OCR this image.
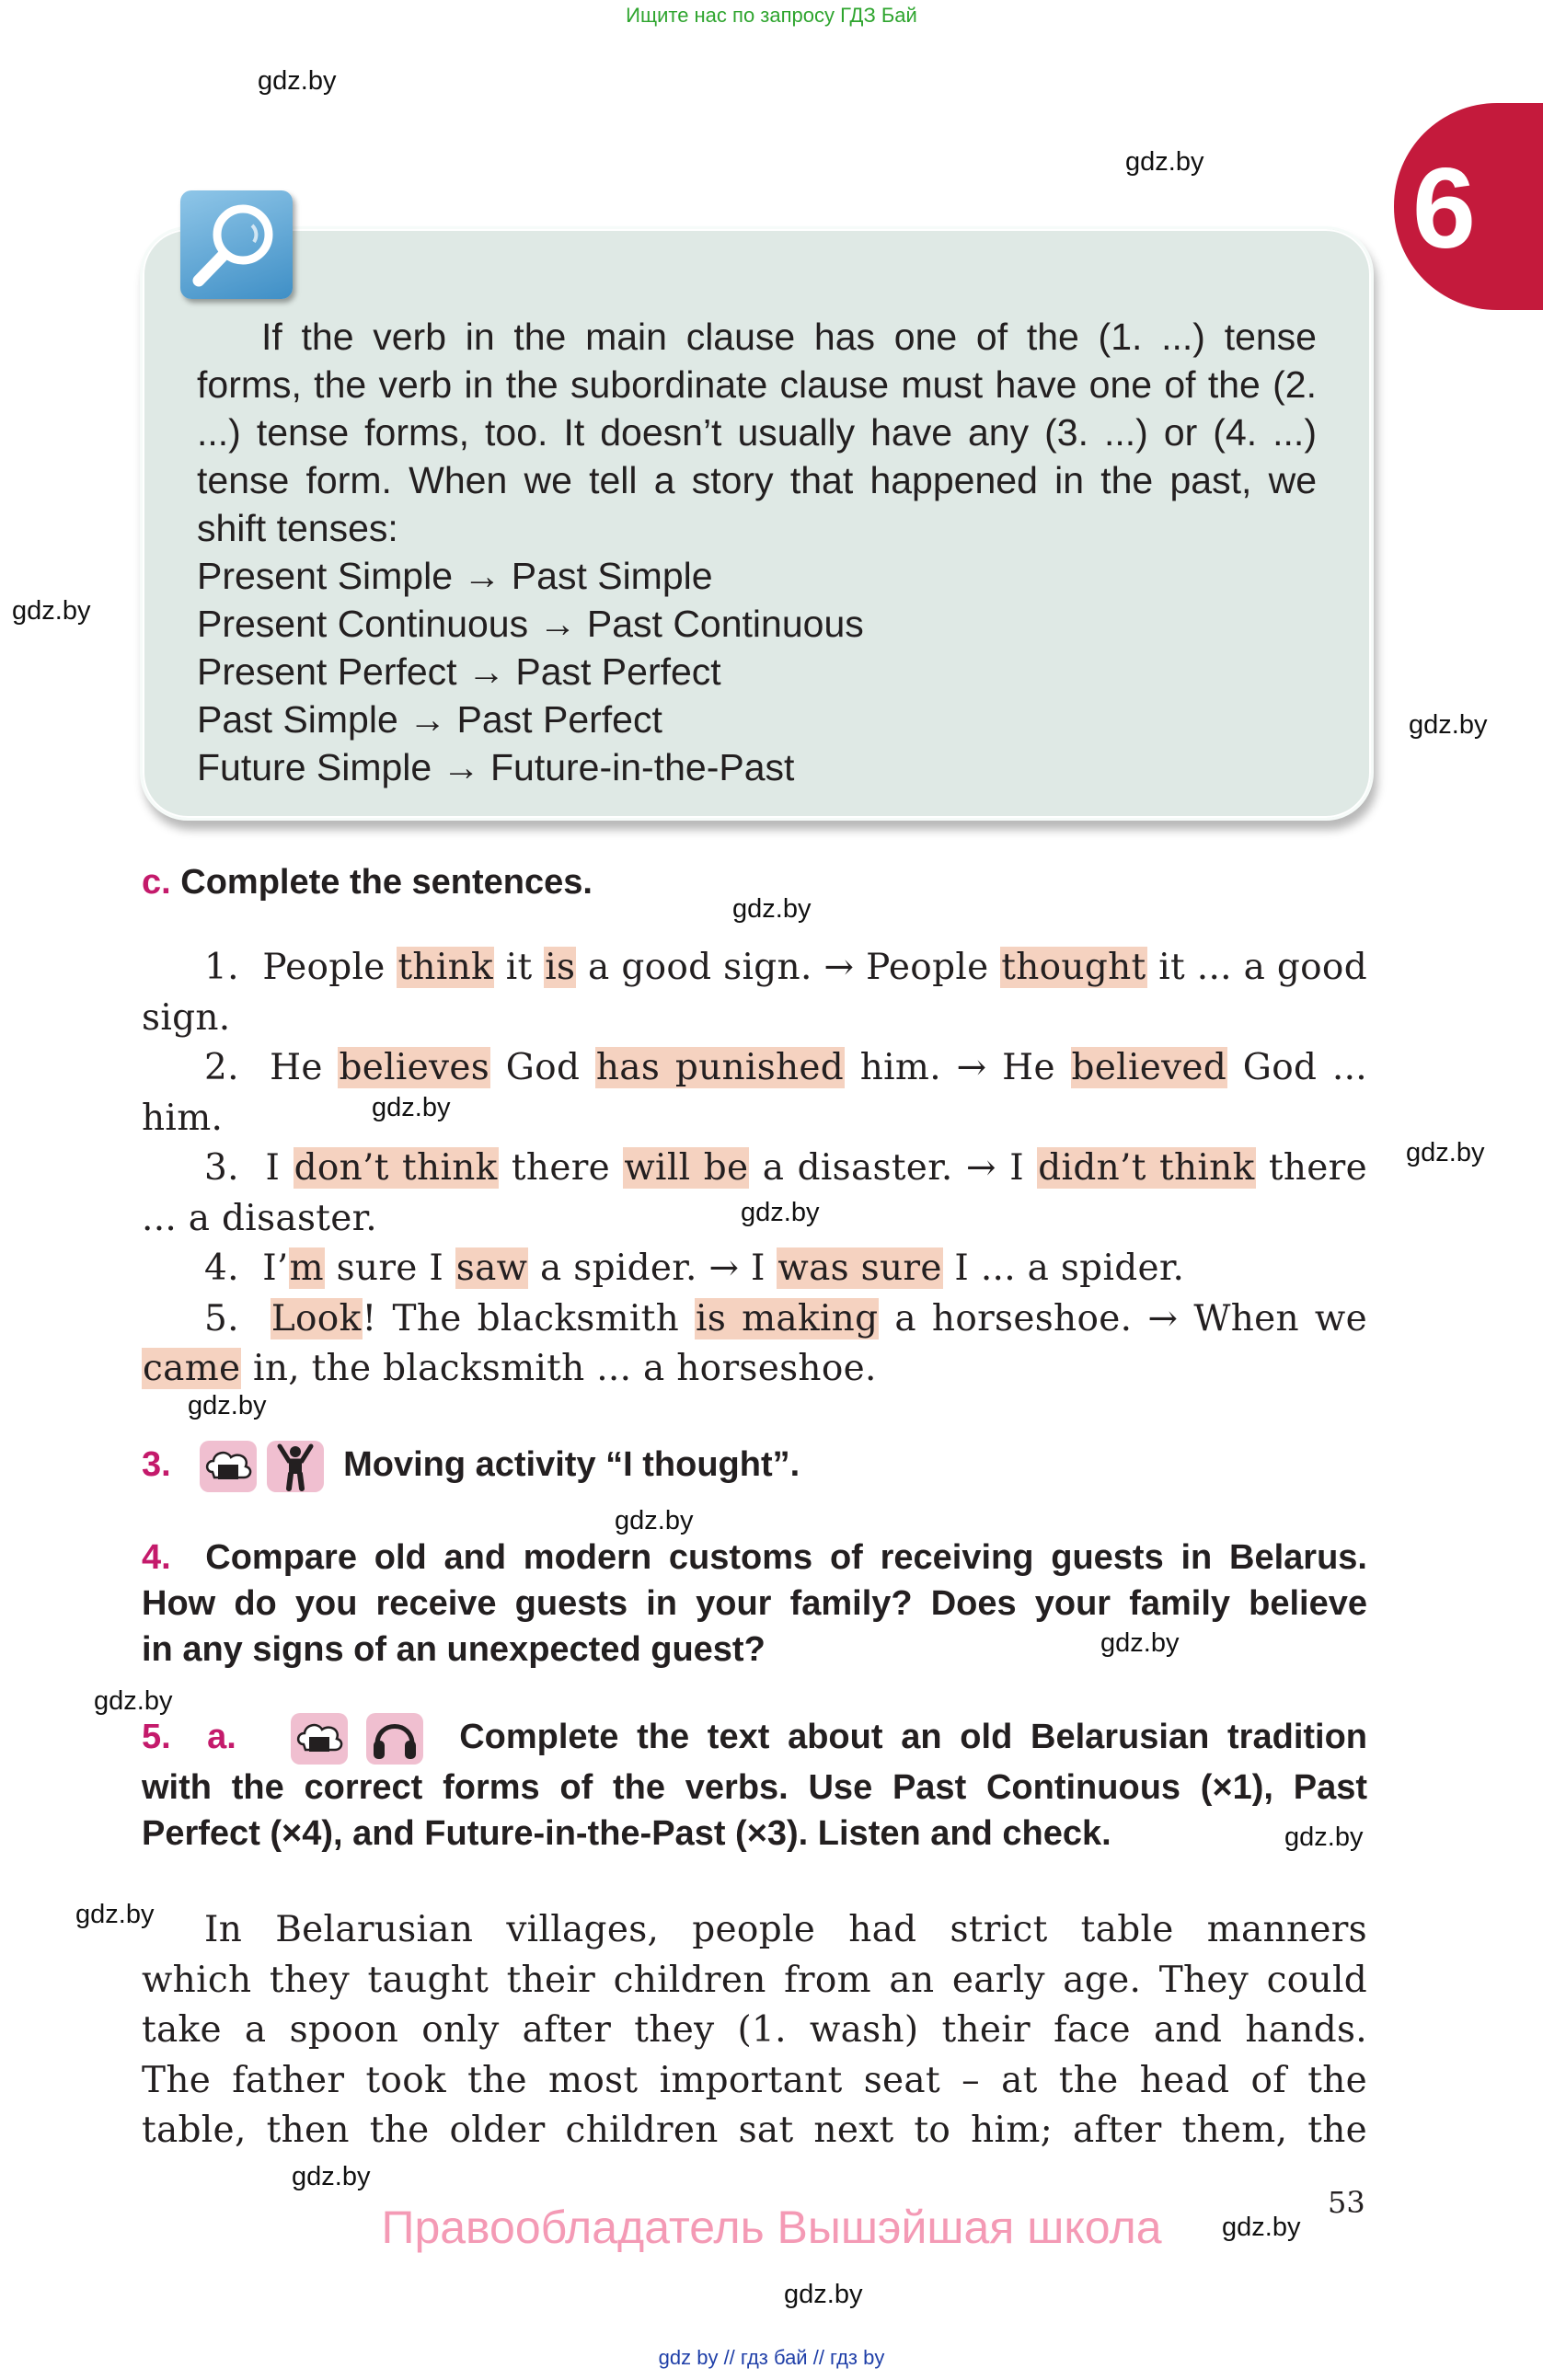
Ищите нас по запросу ГДЗ Бай
6
gdz.by
gdz.by
gdz.by
gdz.by
gdz.by
gdz.by
gdz.by
gdz.by
gdz.by
gdz.by
gdz.by
gdz.by
gdz.by
gdz.by
gdz.by
gdz.by
gdz.by
If the verb in the main clause has one of the (1. ...) tense forms, the verb in the subordinate clause must have one of the (2. ...) tense forms, too. It doesn’t usually have any (3. ...) or (4. ...) tense form. When we tell a story that happened in the past, we shift tenses:
Present Simple → Past Simple
Present Continuous → Past Continuous
Present Perfect → Past Perfect
Past Simple → Past Perfect
Future Simple → Future-in-the-Past
c. Complete the sentences.
1. People think it is a good sign. → People thought it ... a good sign.
2. He believes God has punished him. → He believed God ... him.
3. I don’t think there will be a disaster. → I didn’t think there ... a disaster.
4. I’m sure I saw a spider. → I was sure I ... a spider.
5. Look! The blacksmith is making a horseshoe. → When we came in, the blacksmith ... a horseshoe.
3.	Moving activity “I thought”.
4. Compare old and modern customs of receiving guests in Belarus.
How do you receive guests in your family? Does your family believe
in any signs of an unexpected guest?
5. a.	Complete the text about an old Belarusian tradition
with the correct forms of the verbs. Use Past Continuous (×1), Past
Perfect (×4), and Future-in-the-Past (×3). Listen and check.
In Belarusian villages, people had strict table manners
which they taught their children from an early age. They could
take a spoon only after they (1. wash) their face and hands.
The father took the most important seat – at the head of the
table, then the older children sat next to him; after them, the
53
Правообладатель Вышэйшая школа
gdz by // гдз бай // гдз by
